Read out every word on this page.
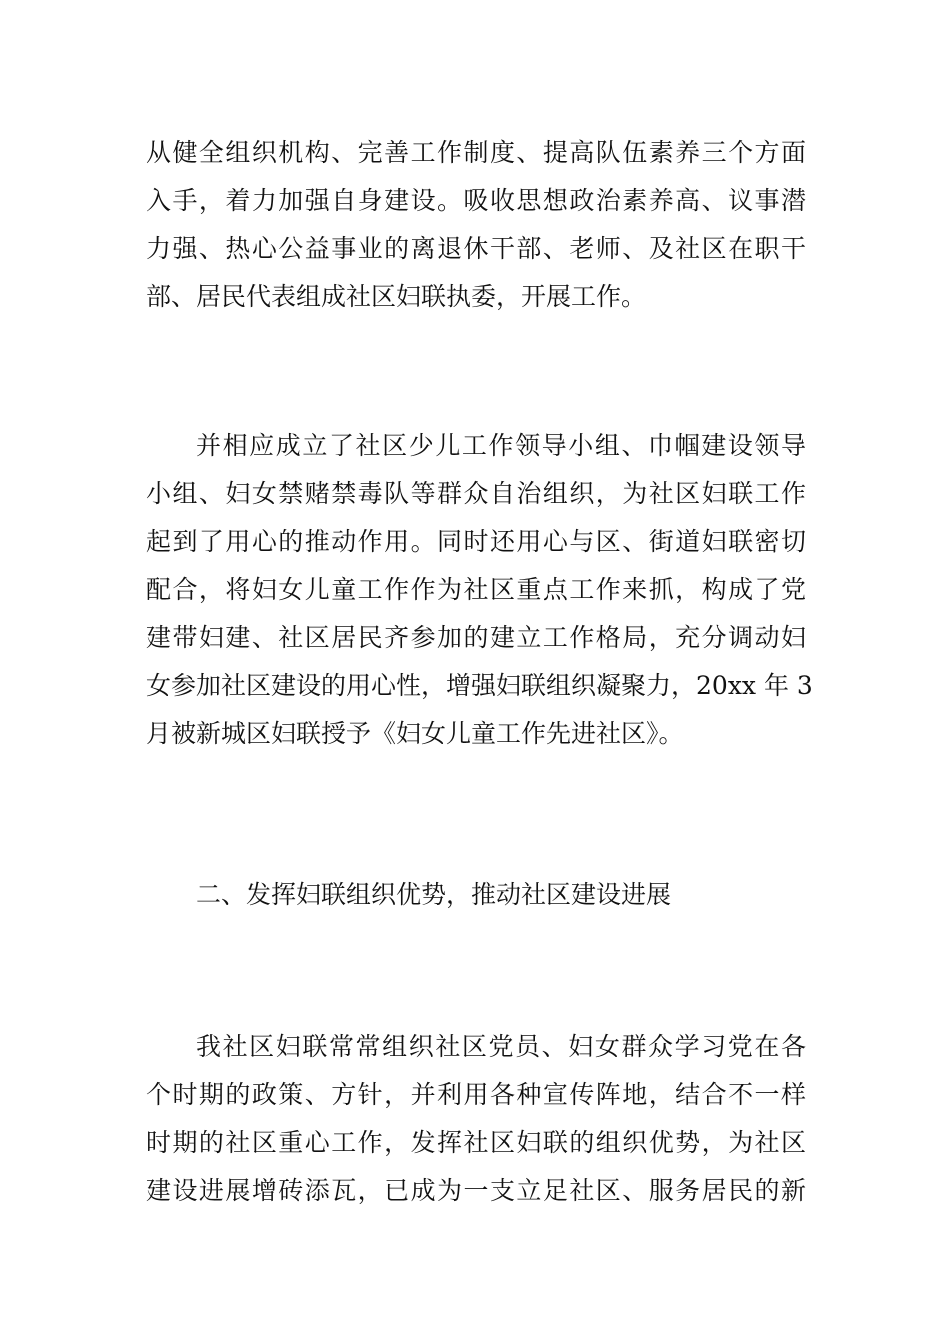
从健全组织机构、完善工作制度、提高队伍素养三个方面

入手，着力加强自身建设。吸收思想政治素养高、议事潜

力强、热心公益事业的离退休干部、老师、及社区在职干

部、居民代表组成社区妇联执委，开展工作。

并相应成立了社区少儿工作领导小组、巾帼建设领导

小组、妇女禁赌禁毒队等群众自治组织，为社区妇联工作

起到了用心的推动作用。同时还用心与区、街道妇联密切

配合，将妇女儿童工作作为社区重点工作来抓，构成了党

建带妇建、社区居民齐参加的建立工作格局，充分调动妇

女参加社区建设的用心性，增强妇联组织凝聚力，20xx 年 3

月被新城区妇联授予《妇女儿童工作先进社区》。

二、发挥妇联组织优势，推动社区建设进展

我社区妇联常常组织社区党员、妇女群众学习党在各

个时期的政策、方针，并利用各种宣传阵地，结合不一样

时期的社区重心工作，发挥社区妇联的组织优势，为社区

建设进展增砖添瓦，已成为一支立足社区、服务居民的新
